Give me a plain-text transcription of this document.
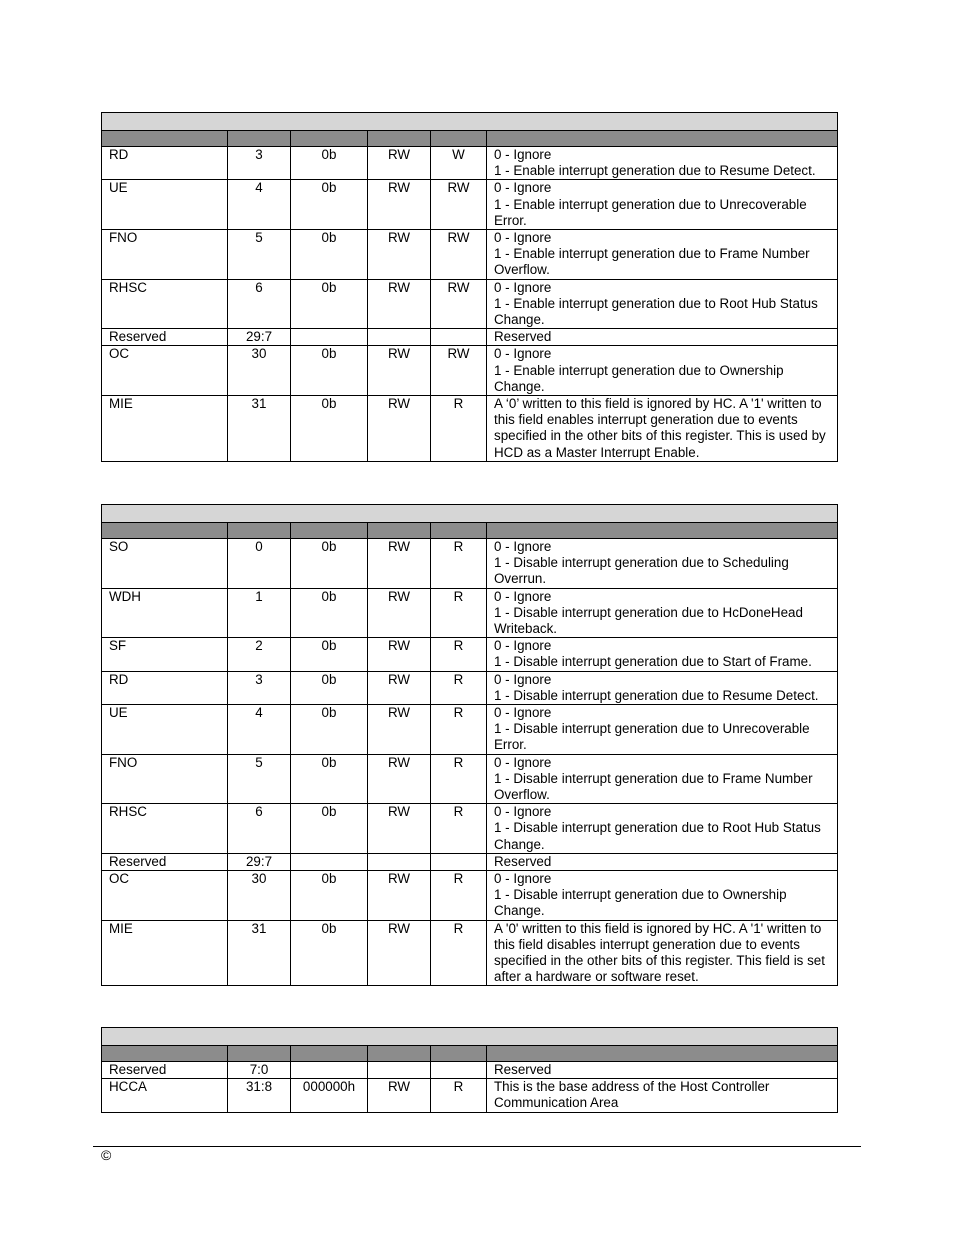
RD	3	0b	RW	W	0 - Ignore
1 - Enable interrupt generation due to Resume Detect.

UE	4	0b	RW	RW	0 - Ignore
1 - Enable interrupt generation due to Unrecoverable Error.

FNO	5	0b	RW	RW	0 - Ignore
1 - Enable interrupt generation due to Frame Number Overflow.

RHSC	6	0b	RW	RW	0 - Ignore
1 - Enable interrupt generation due to Root Hub Status Change.

Reserved	29:7				Reserved

OC	30	0b	RW	RW	0 - Ignore
1 - Enable interrupt generation due to Ownership Change.

MIE	31	0b	RW	R	A ‘0’ written to this field is ignored by HC. A '1' written to this field enables interrupt generation due to events specified in the other bits of this register. This is used by HCD as a Master Interrupt Enable.

SO	0	0b	RW	R	0 - Ignore
1 - Disable interrupt generation due to Scheduling Overrun.

WDH	1	0b	RW	R	0 - Ignore
1 - Disable interrupt generation due to HcDoneHead Writeback.

SF	2	0b	RW	R	0 - Ignore
1 - Disable interrupt generation due to Start of Frame.

RD	3	0b	RW	R	0 - Ignore
1 - Disable interrupt generation due to Resume Detect.

UE	4	0b	RW	R	0 - Ignore
1 - Disable interrupt generation due to Unrecoverable Error.

FNO	5	0b	RW	R	0 - Ignore
1 - Disable interrupt generation due to Frame Number Overflow.

RHSC	6	0b	RW	R	0 - Ignore
1 - Disable interrupt generation due to Root Hub Status Change.

Reserved	29:7				Reserved

OC	30	0b	RW	R	0 - Ignore
1 - Disable interrupt generation due to Ownership Change.

MIE	31	0b	RW	R	A '0' written to this field is ignored by HC. A '1' written to this field disables interrupt generation due to events specified in the other bits of this register. This field is set after a hardware or software reset.

Reserved	7:0				Reserved

HCCA	31:8	000000h	RW	R	This is the base address of the Host Controller Communication Area
©
